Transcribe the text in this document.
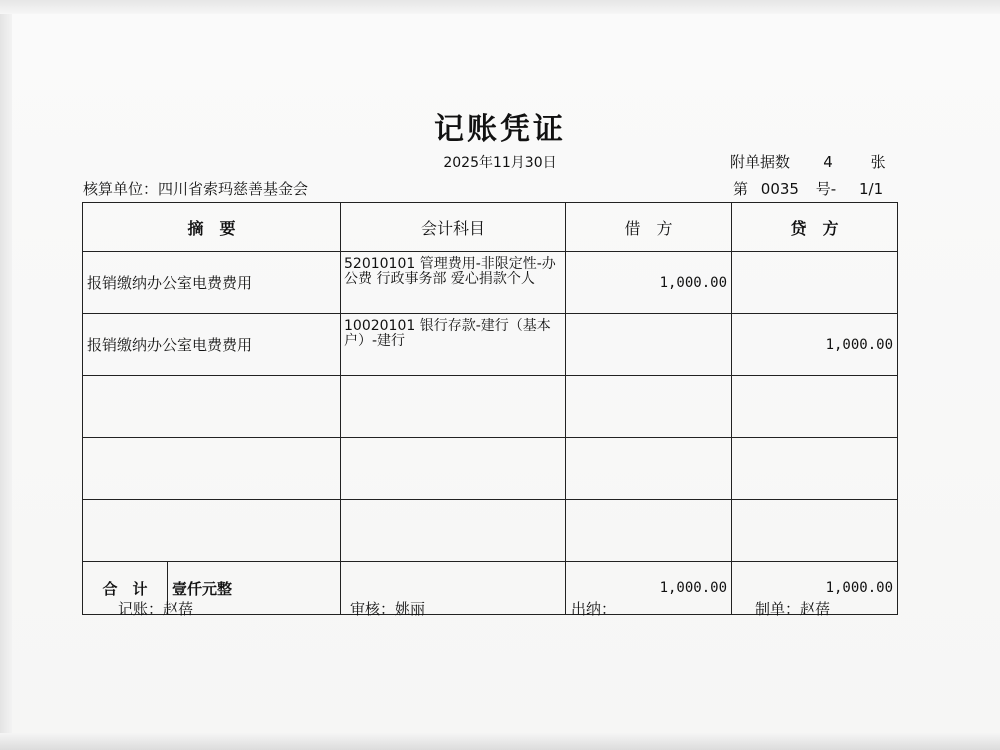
记账凭证
2025年11月30日	附单据数 4	张
核算单位：四川省索玛慈善基金会	第 0035 号- 1/1
摘　要	会计科目	借　方	贷　方
报销缴纳办公室电费费用	52010101 管理费用-非限定性-办公费 行政事务部 爱心捐款个人	1,000.00	
报销缴纳办公室电费费用	10020101 银行存款-建行（基本户）-建行		1,000.00

合　计 壹仟元整		1,000.00	1,000.00
记账：赵蓓	审核：姚丽	出纳：	制单：赵蓓
